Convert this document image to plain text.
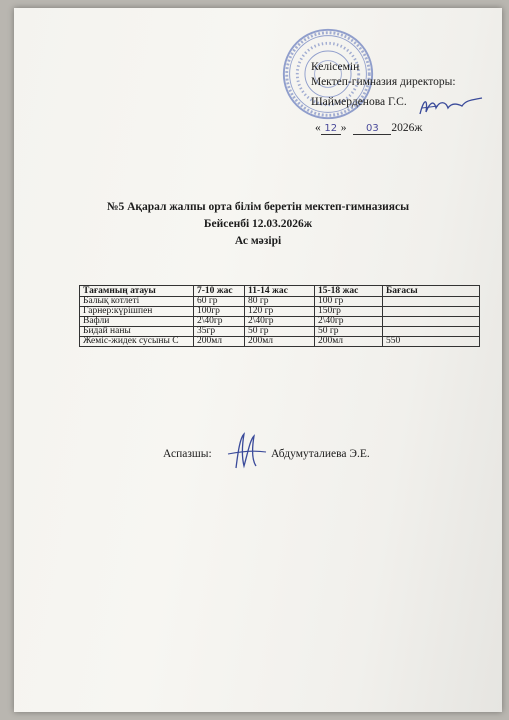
Келісемін
Мектеп-гимназия директоры:
Шаймерденова Г.С.
« 12 » 03 2026ж
№5 Ақарал жалпы орта білім беретін мектеп-гимназиясы
Бейсенбі 12.03.2026ж
Ас мәзірі
Тағамның атауы	7-10 жас	11-14 жас	15-18 жас	Бағасы
Балық котлеті	60 гр	80 гр	100 гр	
Гарнер:күрішпен	100гр	120 гр	150гр	
Вафли	2\40гр	2\40гр	2\40гр	
Бидай наны	35гр	50 гр	50 гр	
Жеміс-жидек сусыны С	200мл	200мл	200мл	550
Аспазшы:	Абдуму​талиева Э.Е.
